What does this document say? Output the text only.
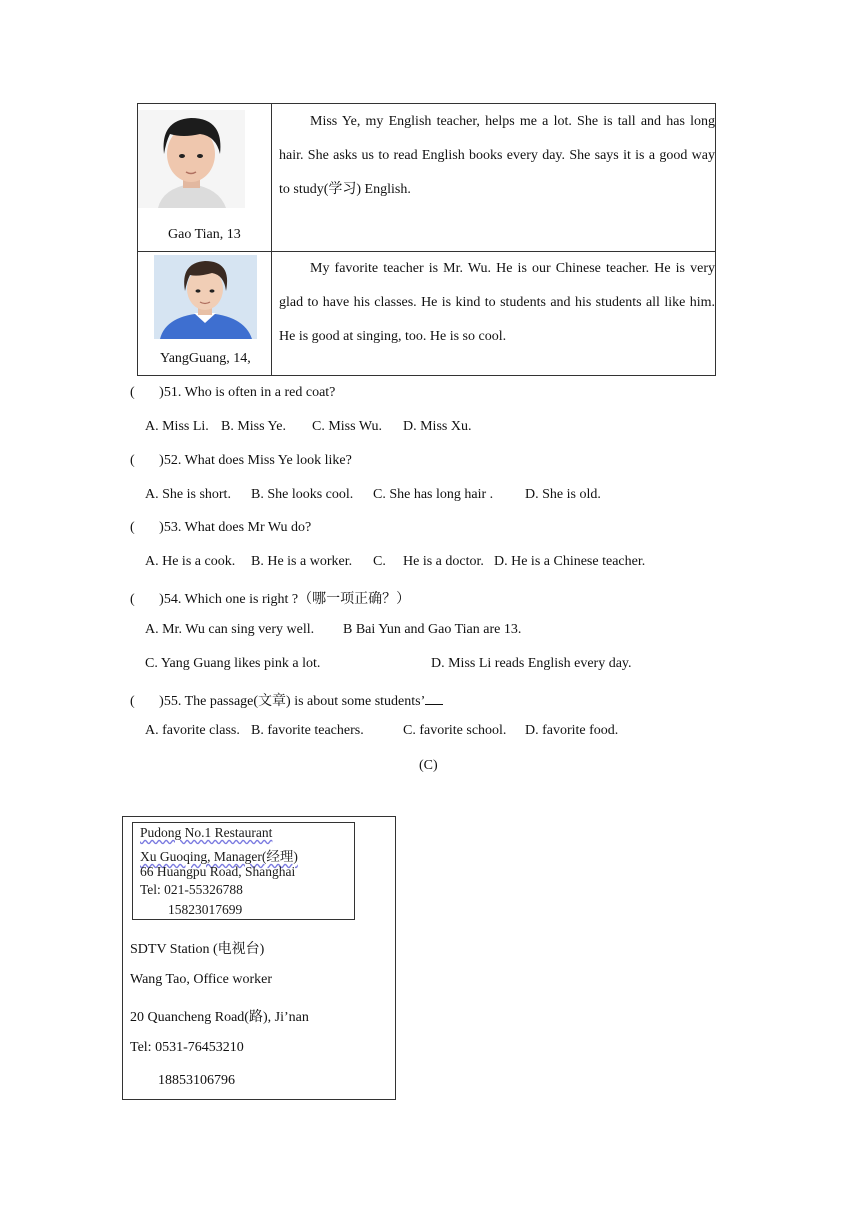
Gao Tian, 13
Miss Ye, my English teacher, helps me a lot. She is tall and has long hair. She asks us to read English books every day. She says it is a good way to study(学习) English.
YangGuang, 14,
My favorite teacher is Mr. Wu. He is our Chinese teacher. He is very glad to have his classes. He is kind to students and his students all like him. He is good at singing, too. He is so cool.
(       )51. Who is often in a red coat?
A. Miss Li. B. Miss Ye. C. Miss Wu. D. Miss Xu.
(       )52. What does Miss Ye look like?
A. She is short. B. She looks cool. C. She has long hair . D. She is old.
(       )53. What does Mr Wu do?
A. He is a cook. B. He is a worker. C. He is a doctor. D. He is a Chinese teacher.
(       )54. Which one is right ?（哪一项正确？）
A. Mr. Wu can sing very well. B Bai Yun and Gao Tian are 13.
C. Yang Guang likes pink a lot.	D. Miss Li reads English every day.
(       )55. The passage(文章) is about some students’
A. favorite class. B. favorite teachers.	C. favorite school. D. favorite food.
(C)
Pudong No.1 Restaurant
Xu Guoqing, Manager(经理)
66 Huangpu Road, Shanghai
Tel: 021-55326788
15823017699
SDTV Station (电视台)
Wang Tao, Office worker
20 Quancheng Road(路), Ji’nan
Tel: 0531-76453210
18853106796
